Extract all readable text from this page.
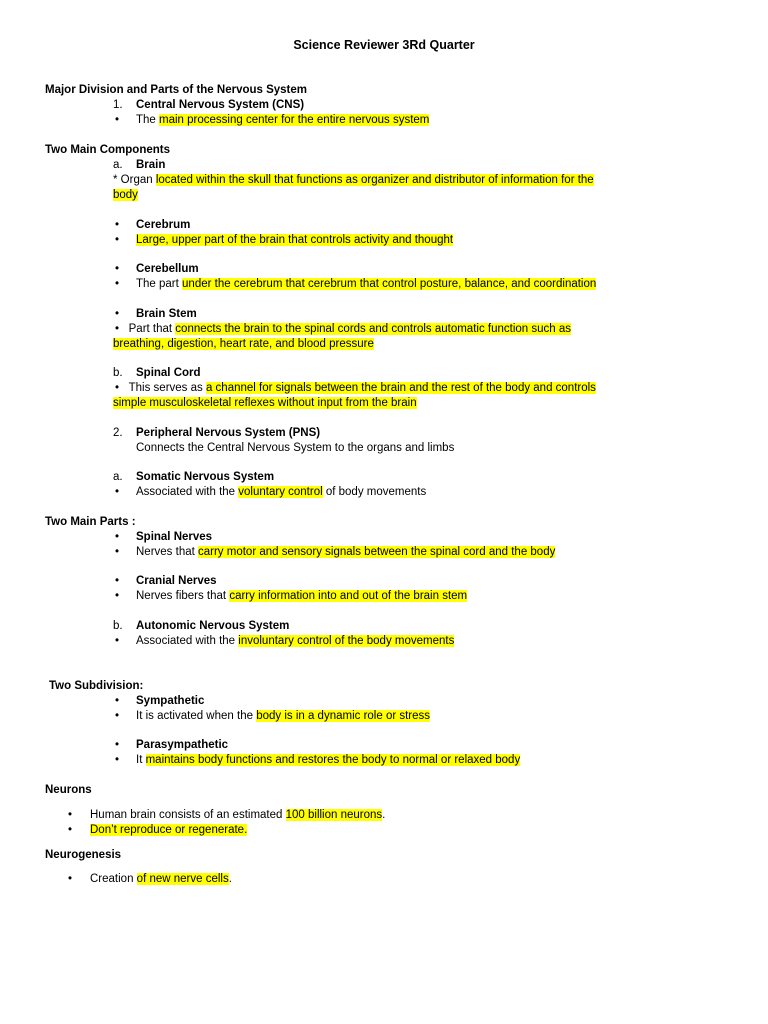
Science Reviewer 3Rd Quarter
Major Division and Parts of the Nervous System
1. Central Nervous System (CNS)
• The main processing center for the entire nervous system
Two Main Components
a. Brain
* Organ located within the skull that functions as organizer and distributor of information for the
body
• Cerebrum
• Large, upper part of the brain that controls activity and thought
• Cerebellum
• The part under the cerebrum that cerebrum that control posture, balance, and coordination
• Brain Stem
• Part that connects the brain to the spinal cords and controls automatic function such as
breathing, digestion, heart rate, and blood pressure
b. Spinal Cord
• This serves as a channel for signals between the brain and the rest of the body and controls
simple musculoskeletal reflexes without input from the brain
2. Peripheral Nervous System (PNS)
Connects the Central Nervous System to the organs and limbs
a. Somatic Nervous System
• Associated with the voluntary control of body movements
Two Main Parts :
• Spinal Nerves
• Nerves that carry motor and sensory signals between the spinal cord and the body
• Cranial Nerves
• Nerves fibers that carry information into and out of the brain stem
b. Autonomic Nervous System
• Associated with the involuntary control of the body movements
Two Subdivision:
• Sympathetic
• It is activated when the body is in a dynamic role or stress
• Parasympathetic
• It maintains body functions and restores the body to normal or relaxed body
Neurons
• Human brain consists of an estimated 100 billion neurons.
• Don’t reproduce or regenerate.
Neurogenesis
• Creation of new nerve cells.
